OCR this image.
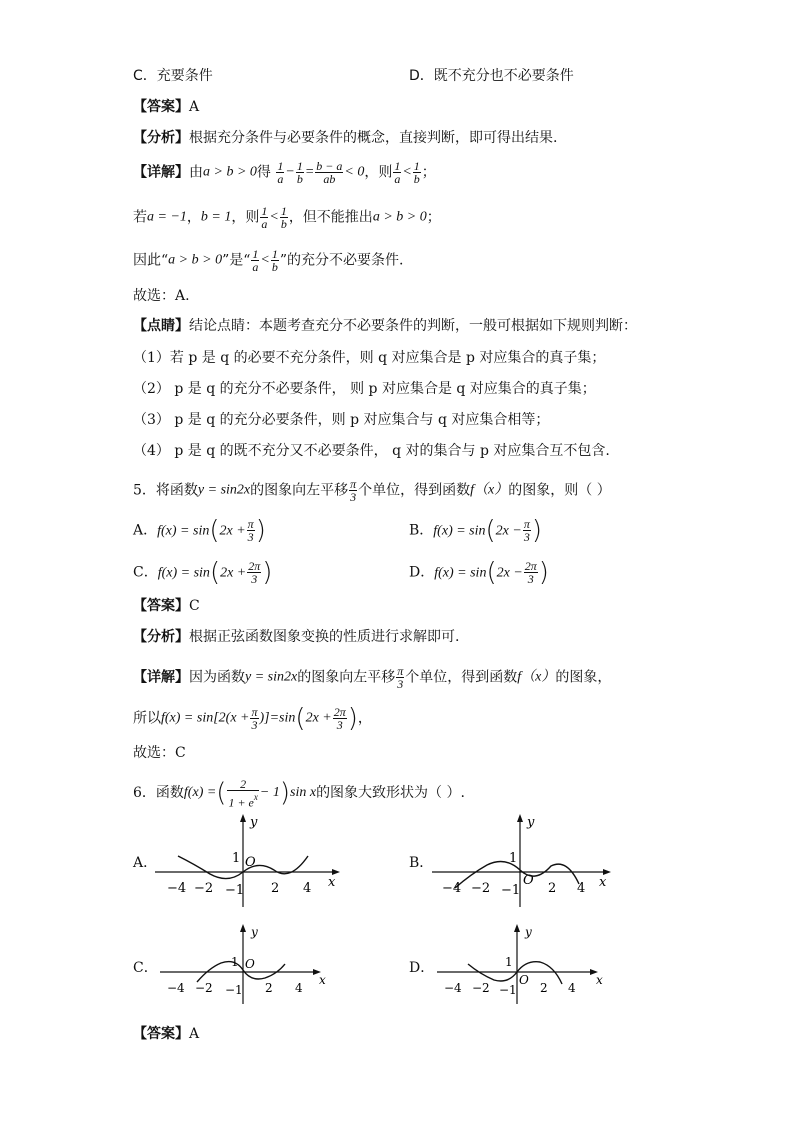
C．充要条件	D．既不充分也不必要条件
【答案】A
【分析】根据充分条件与必要条件的概念，直接判断，即可得出结果.
【详解】由a > b > 0得 $\frac{1}{a} - \frac{1}{b} = \frac{b - a}{ab} < 0$，则 $\frac{1}{a} < \frac{1}{b}$ ；
若a = −1，b = 1，则 $\frac{1}{a} < \frac{1}{b}$ ，但不能推出a > b > 0；
因此“a > b > 0”是“ $\frac{1}{a} < \frac{1}{b}$ ”的充分不必要条件.
故选：A.
【点睛】结论点睛：本题考查充分不必要条件的判断，一般可根据如下规则判断：
（1）若 p 是 q 的必要不充分条件，则 q 对应集合是 p 对应集合的真子集；
（2） p 是 q 的充分不必要条件， 则 p 对应集合是 q 对应集合的真子集；
（3） p 是 q 的充分必要条件，则 p 对应集合与 q 对应集合相等；
（4） p 是 q 的既不充分又不必要条件， q 对的集合与 p 对应集合互不包含.
5．将函数y = sin2x的图象向左平移 $\frac{\pi}{3}$ 个单位，得到函数f（x）的图象，则（ ）
A．$f(x) = \sin(2x + \frac{\pi}{3}$ )	B．$f(x) = \sin(2x - \frac{\pi}{3}$ )
C．$f(x) = \sin(2x + \frac{2\pi}{3}$ )	D．$f(x) = \sin(2x - \frac{2\pi}{3}$ )
【答案】C
【分析】根据正弦函数图象变换的性质进行求解即可.
【详解】因为函数y = sin2x的图象向左平移 $\frac{\pi}{3}$ 个单位，得到函数f（x）的图象，
所以$f(x) = \sin[2(x + \frac{\pi}{3} )]=\sin(2x + \frac{2\pi}{3}$ )，
故选：C
6．函数f(x) =( $\frac{2}{1 + e^x} - 1)\sin$ x的图象大致形状为（ ）.
A．
y
x
1 O
−4 −2 −1 2 4
B．
y
x
1
O
−4 −2 −1 2 4
C．
y
x
1 O
−4 −2 −1 2 4
D．
y
x
1
O
−4 −2 −1 2 4
【答案】A
